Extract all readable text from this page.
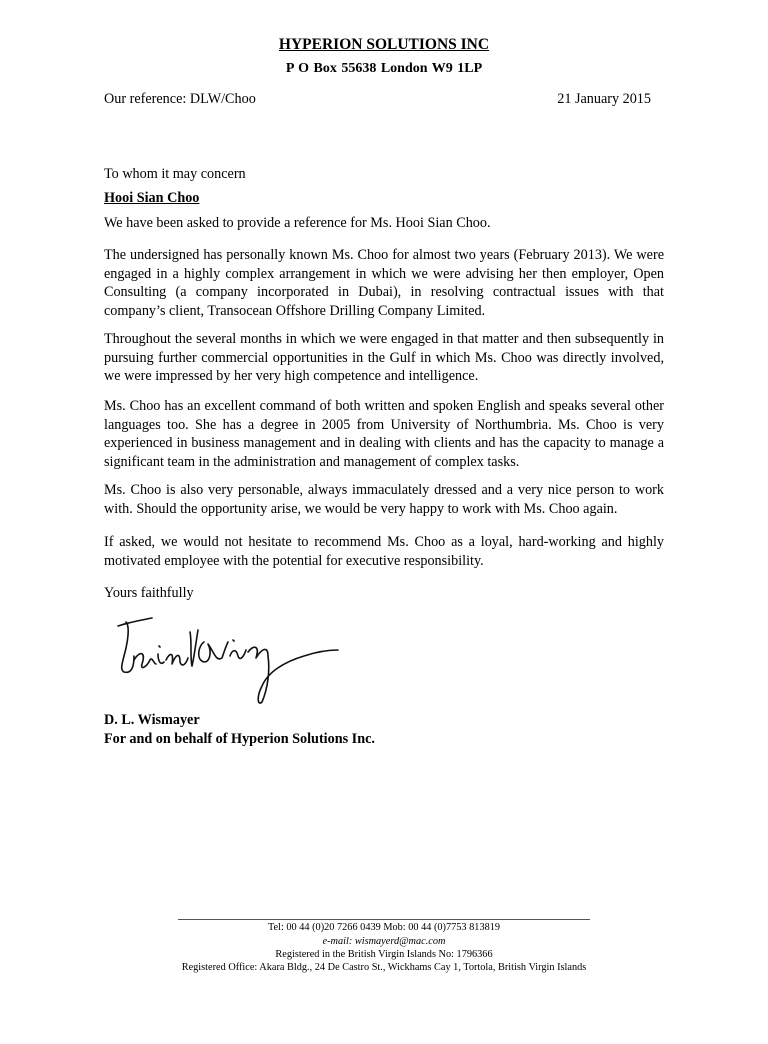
HYPERION SOLUTIONS INC
P O Box 55638 London W9 1LP
Our reference: DLW/Choo	21 January 2015
To whom it may concern
Hooi Sian Choo

We have been asked to provide a reference for Ms. Hooi Sian Choo.

The undersigned has personally known Ms. Choo for almost two years (February 2013). We were engaged in a highly complex arrangement in which we were advising her then employer, Open Consulting (a company incorporated in Dubai), in resolving contractual issues with that company’s client, Transocean Offshore Drilling Company Limited.

Throughout the several months in which we were engaged in that matter and then subsequently in pursuing further commercial opportunities in the Gulf in which Ms. Choo was directly involved, we were impressed by her very high competence and intelligence.

Ms. Choo has an excellent command of both written and spoken English and speaks several other languages too. She has a degree in 2005 from University of Northumbria. Ms. Choo is very experienced in business management and in dealing with clients and has the capacity to manage a significant team in the administration and management of complex tasks.

Ms. Choo is also very personable, always immaculately dressed and a very nice person to work with. Should the opportunity arise, we would be very happy to work with Ms. Choo again.

If asked, we would not hesitate to recommend Ms. Choo as a loyal, hard-working and highly motivated employee with the potential for executive responsibility.

Yours faithfully
D. L. Wismayer
For and on behalf of Hyperion Solutions Inc.
Tel: 00 44 (0)20 7266 0439 Mob: 00 44 (0)7753 813819
e-mail: wismayerd@mac.com
Registered in the British Virgin Islands No: 1796366
Registered Office: Akara Bldg., 24 De Castro St., Wickhams Cay 1, Tortola, British Virgin Islands
